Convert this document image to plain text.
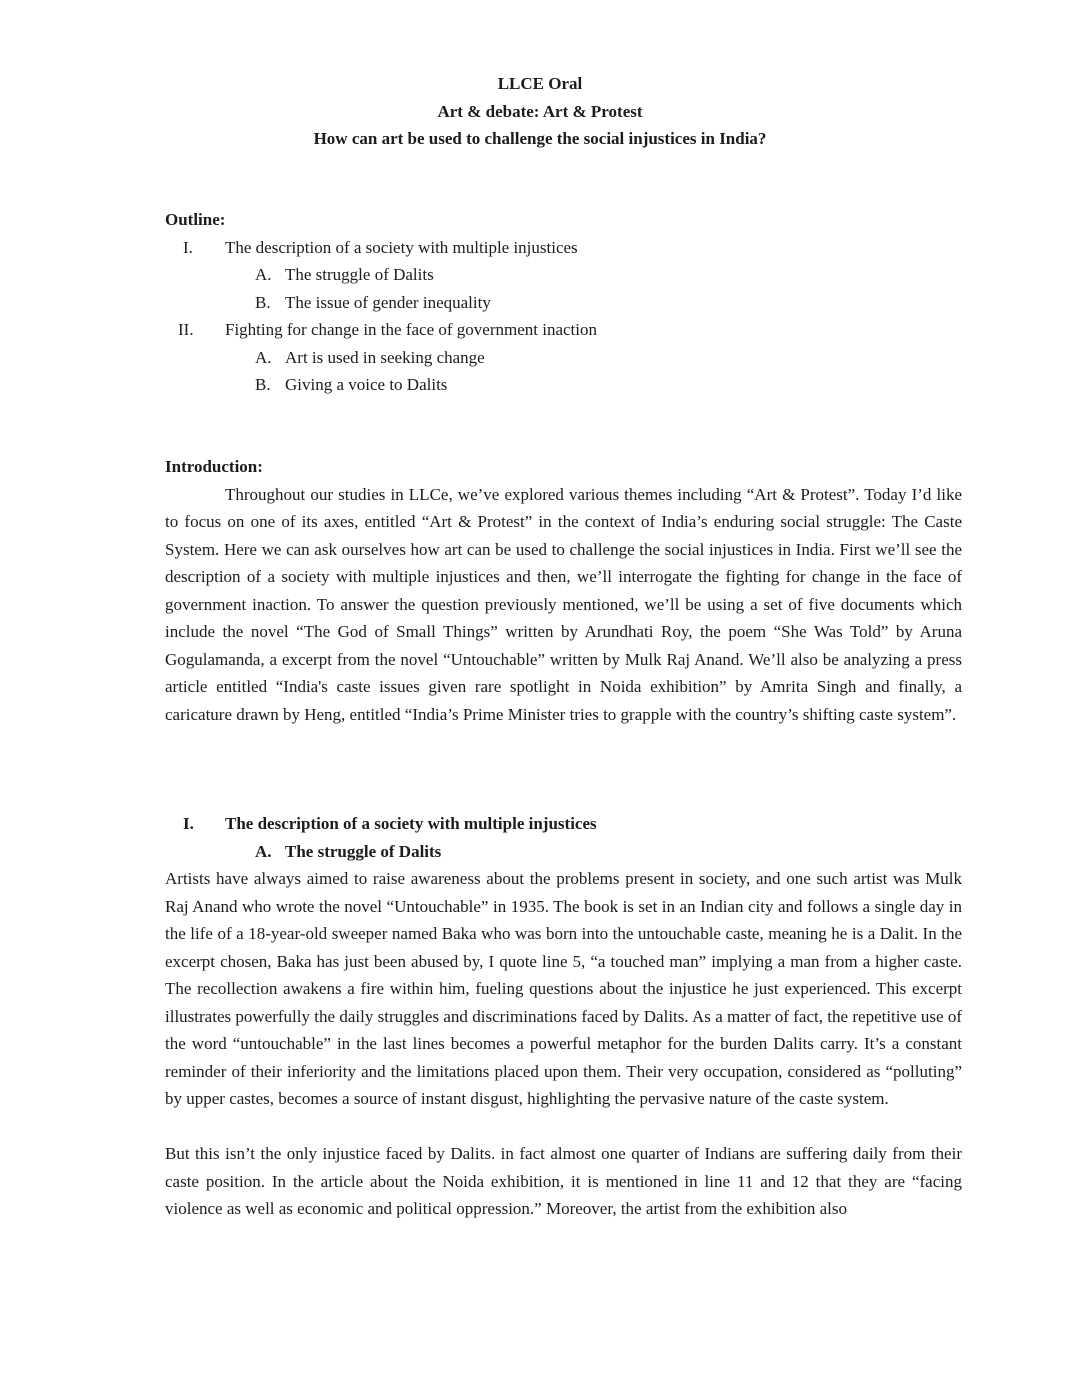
LLCE Oral
Art & debate: Art & Protest
How can art be used to challenge the social injustices in India?
Outline:
I. The description of a society with multiple injustices
A. The struggle of Dalits
B. The issue of gender inequality
II. Fighting for change in the face of government inaction
A. Art is used in seeking change
B. Giving a voice to Dalits
Introduction:

Throughout our studies in LLCe, we’ve explored various themes including “Art & Protest”. Today I’d like to focus on one of its axes, entitled “Art & Protest” in the context of India’s enduring social struggle: The Caste System. Here we can ask ourselves how art can be used to challenge the social injustices in India. First we’ll see the description of a society with multiple injustices and then, we’ll interrogate the fighting for change in the face of government inaction. To answer the question previously mentioned, we’ll be using a set of five documents which include the novel “The God of Small Things” written by Arundhati Roy, the poem “She Was Told” by Aruna Gogulamanda, a excerpt from the novel “Untouchable” written by Mulk Raj Anand. We’ll also be analyzing a press article entitled “India's caste issues given rare spotlight in Noida exhibition” by Amrita Singh and finally, a caricature drawn by Heng, entitled “India’s Prime Minister tries to grapple with the country’s shifting caste system”.

I. The description of a society with multiple injustices
A. The struggle of Dalits

Artists have always aimed to raise awareness about the problems present in society, and one such artist was Mulk Raj Anand who wrote the novel “Untouchable” in 1935. The book is set in an Indian city and follows a single day in the life of a 18-year-old sweeper named Baka who was born into the untouchable caste, meaning he is a Dalit. In the excerpt chosen, Baka has just been abused by, I quote line 5, “a touched man” implying a man from a higher caste. The recollection awakens a fire within him, fueling questions about the injustice he just experienced. This excerpt illustrates powerfully the daily struggles and discriminations faced by Dalits. As a matter of fact, the repetitive use of the word “untouchable” in the last lines becomes a powerful metaphor for the burden Dalits carry. It’s a constant reminder of their inferiority and the limitations placed upon them. Their very occupation, considered as “polluting” by upper castes, becomes a source of instant disgust, highlighting the pervasive nature of the caste system.

But this isn’t the only injustice faced by Dalits. in fact almost one quarter of Indians are suffering daily from their caste position. In the article about the Noida exhibition, it is mentioned in line 11 and 12 that they are “facing violence as well as economic and political oppression.” Moreover, the artist from the exhibition also
